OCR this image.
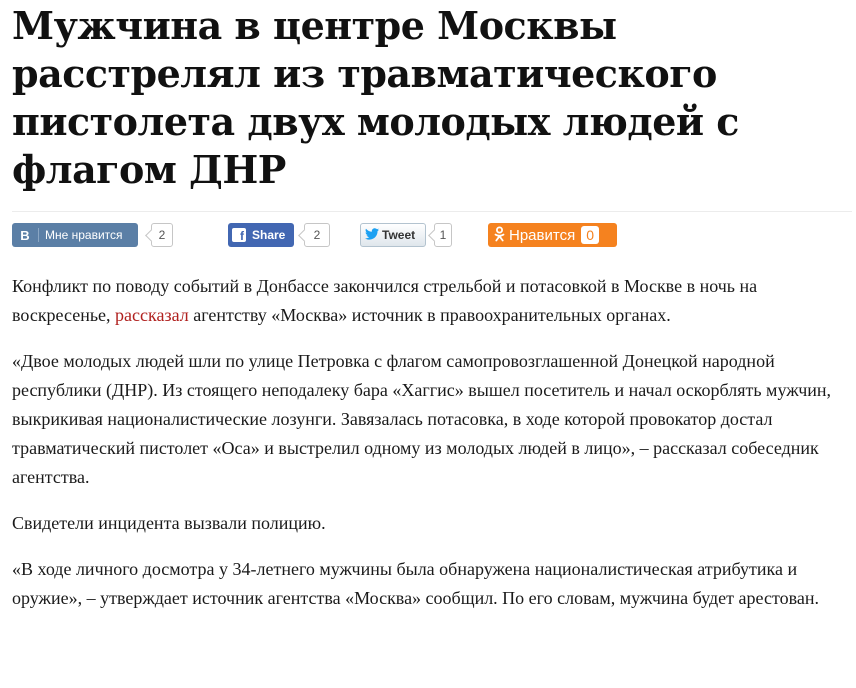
Мужчина в центре Москвы расстрелял из травматического пистолета двух молодых людей с флагом ДНР
B Мне нравится	2	f Share	2	Tweet	1	Нравится 0

Конфликт по поводу событий в Донбассе закончился стрельбой и потасовкой в Москве в ночь на воскресенье, рассказал агентству «Москва» источник в правоохранительных органах.

«Двое молодых людей шли по улице Петровка с флагом самопровозглашенной Донецкой народной республики (ДНР). Из стоящего неподалеку бара «Хаггис» вышел посетитель и начал оскорблять мужчин, выкрикивая националистические лозунги. Завязалась потасовка, в ходе которой провокатор достал травматический пистолет «Оса» и выстрелил одному из молодых людей в лицо», – рассказал собеседник агентства.

Свидетели инцидента вызвали полицию.

«В ходе личного досмотра у 34-летнего мужчины была обнаружена националистическая атрибутика и оружие», – утверждает источник агентства «Москва» сообщил. По его словам, мужчина будет арестован.
